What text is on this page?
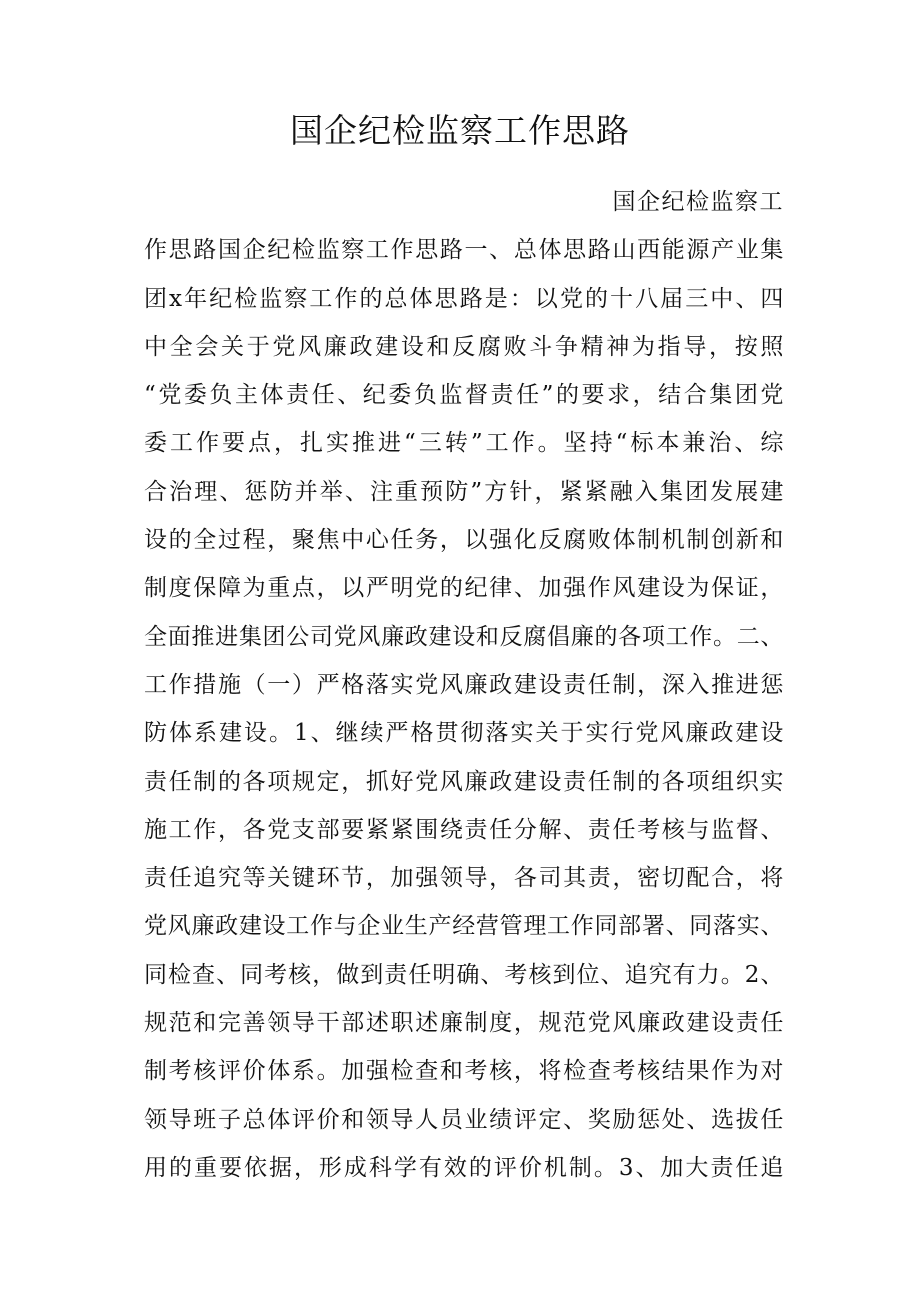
国企纪检监察工作思路
国企纪检监察工
作思路国企纪检监察工作思路一、总体思路山西能源产业集
团x年纪检监察工作的总体思路是：以党的十八届三中、四
中全会关于党风廉政建设和反腐败斗争精神为指导，按照
“党委负主体责任、纪委负监督责任”的要求，结合集团党
委工作要点，扎实推进“三转”工作。坚持“标本兼治、综
合治理、惩防并举、注重预防”方针，紧紧融入集团发展建
设的全过程，聚焦中心任务，以强化反腐败体制机制创新和
制度保障为重点，以严明党的纪律、加强作风建设为保证，
全面推进集团公司党风廉政建设和反腐倡廉的各项工作。二、
工作措施（一）严格落实党风廉政建设责任制，深入推进惩
防体系建设。1、继续严格贯彻落实关于实行党风廉政建设
责任制的各项规定，抓好党风廉政建设责任制的各项组织实
施工作，各党支部要紧紧围绕责任分解、责任考核与监督、
责任追究等关键环节，加强领导，各司其责，密切配合，将
党风廉政建设工作与企业生产经营管理工作同部署、同落实、
同检查、同考核，做到责任明确、考核到位、追究有力。2、
规范和完善领导干部述职述廉制度，规范党风廉政建设责任
制考核评价体系。加强检查和考核，将检查考核结果作为对
领导班子总体评价和领导人员业绩评定、奖励惩处、选拔任
用的重要依据，形成科学有效的评价机制。3、加大责任追
